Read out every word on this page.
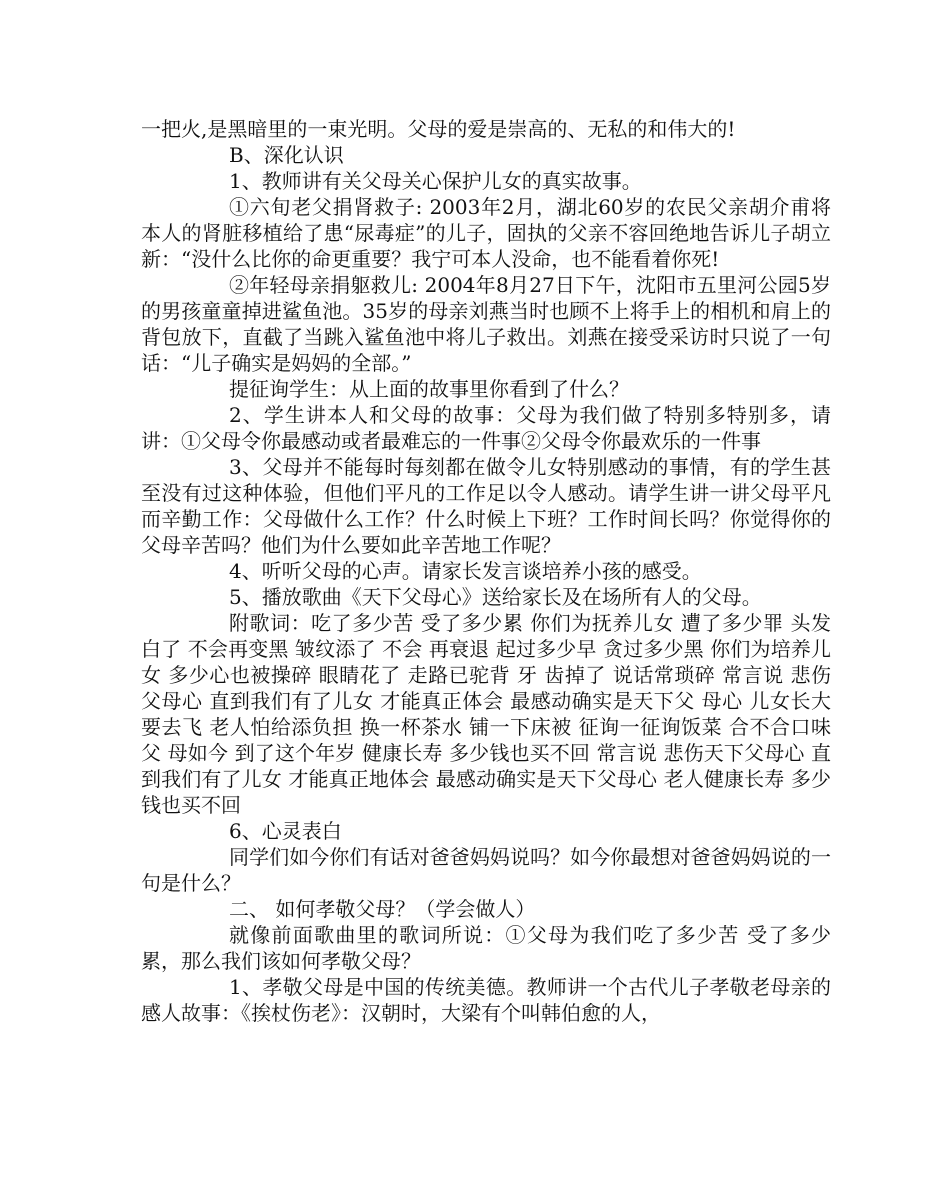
一把火,是黑暗里的一束光明。父母的爱是崇高的、无私的和伟大的!

B、深化认识

1、教师讲有关父母关心保护儿女的真实故事。

①六旬老父捐肾救子: 2003年2月，湖北60岁的农民父亲胡介甫将本人的肾脏移植给了患“尿毒症”的儿子，固执的父亲不容回绝地告诉儿子胡立新：“没什么比你的命更重要？我宁可本人没命，也不能看着你死!

②年轻母亲捐躯救儿: 2004年8月27日下午，沈阳市五里河公园5岁的男孩童童掉进鲨鱼池。35岁的母亲刘燕当时也顾不上将手上的相机和肩上的背包放下，直截了当跳入鲨鱼池中将儿子救出。刘燕在接受采访时只说了一句话：“儿子确实是妈妈的全部。”

提征询学生：从上面的故事里你看到了什么？

2、学生讲本人和父母的故事：父母为我们做了特别多特别多，请讲：①父母令你最感动或者最难忘的一件事②父母令你最欢乐的一件事

3、父母并不能每时每刻都在做令儿女特别感动的事情，有的学生甚至没有过这种体验，但他们平凡的工作足以令人感动。请学生讲一讲父母平凡而辛勤工作：父母做什么工作？什么时候上下班？工作时间长吗？你觉得你的父母辛苦吗？他们为什么要如此辛苦地工作呢？

4、听听父母的心声。请家长发言谈培养小孩的感受。

5、播放歌曲《天下父母心》送给家长及在场所有人的父母。

附歌词：吃了多少苦 受了多少累 你们为抚养儿女 遭了多少罪 头发白了 不会再变黑 皱纹添了 不会 再衰退 起过多少早 贪过多少黑 你们为培养儿女 多少心也被操碎 眼睛花了 走路已驼背 牙 齿掉了 说话常琐碎 常言说 悲伤父母心 直到我们有了儿女 才能真正体会 最感动确实是天下父 母心 儿女长大要去飞 老人怕给添负担 换一杯茶水 铺一下床被 征询一征询饭菜 合不合口味 父 母如今 到了这个年岁 健康长寿 多少钱也买不回 常言说 悲伤天下父母心 直到我们有了儿女 才能真正地体会 最感动确实是天下父母心 老人健康长寿 多少钱也买不回

6、心灵表白

同学们如今你们有话对爸爸妈妈说吗？如今你最想对爸爸妈妈说的一句是什么？

二、 如何孝敬父母？（学会做人）

就像前面歌曲里的歌词所说：①父母为我们吃了多少苦 受了多少累，那么我们该如何孝敬父母？

1、孝敬父母是中国的传统美德。教师讲一个古代儿子孝敬老母亲的感人故事：《挨杖伤老》：汉朝时，大梁有个叫韩伯愈的人，
